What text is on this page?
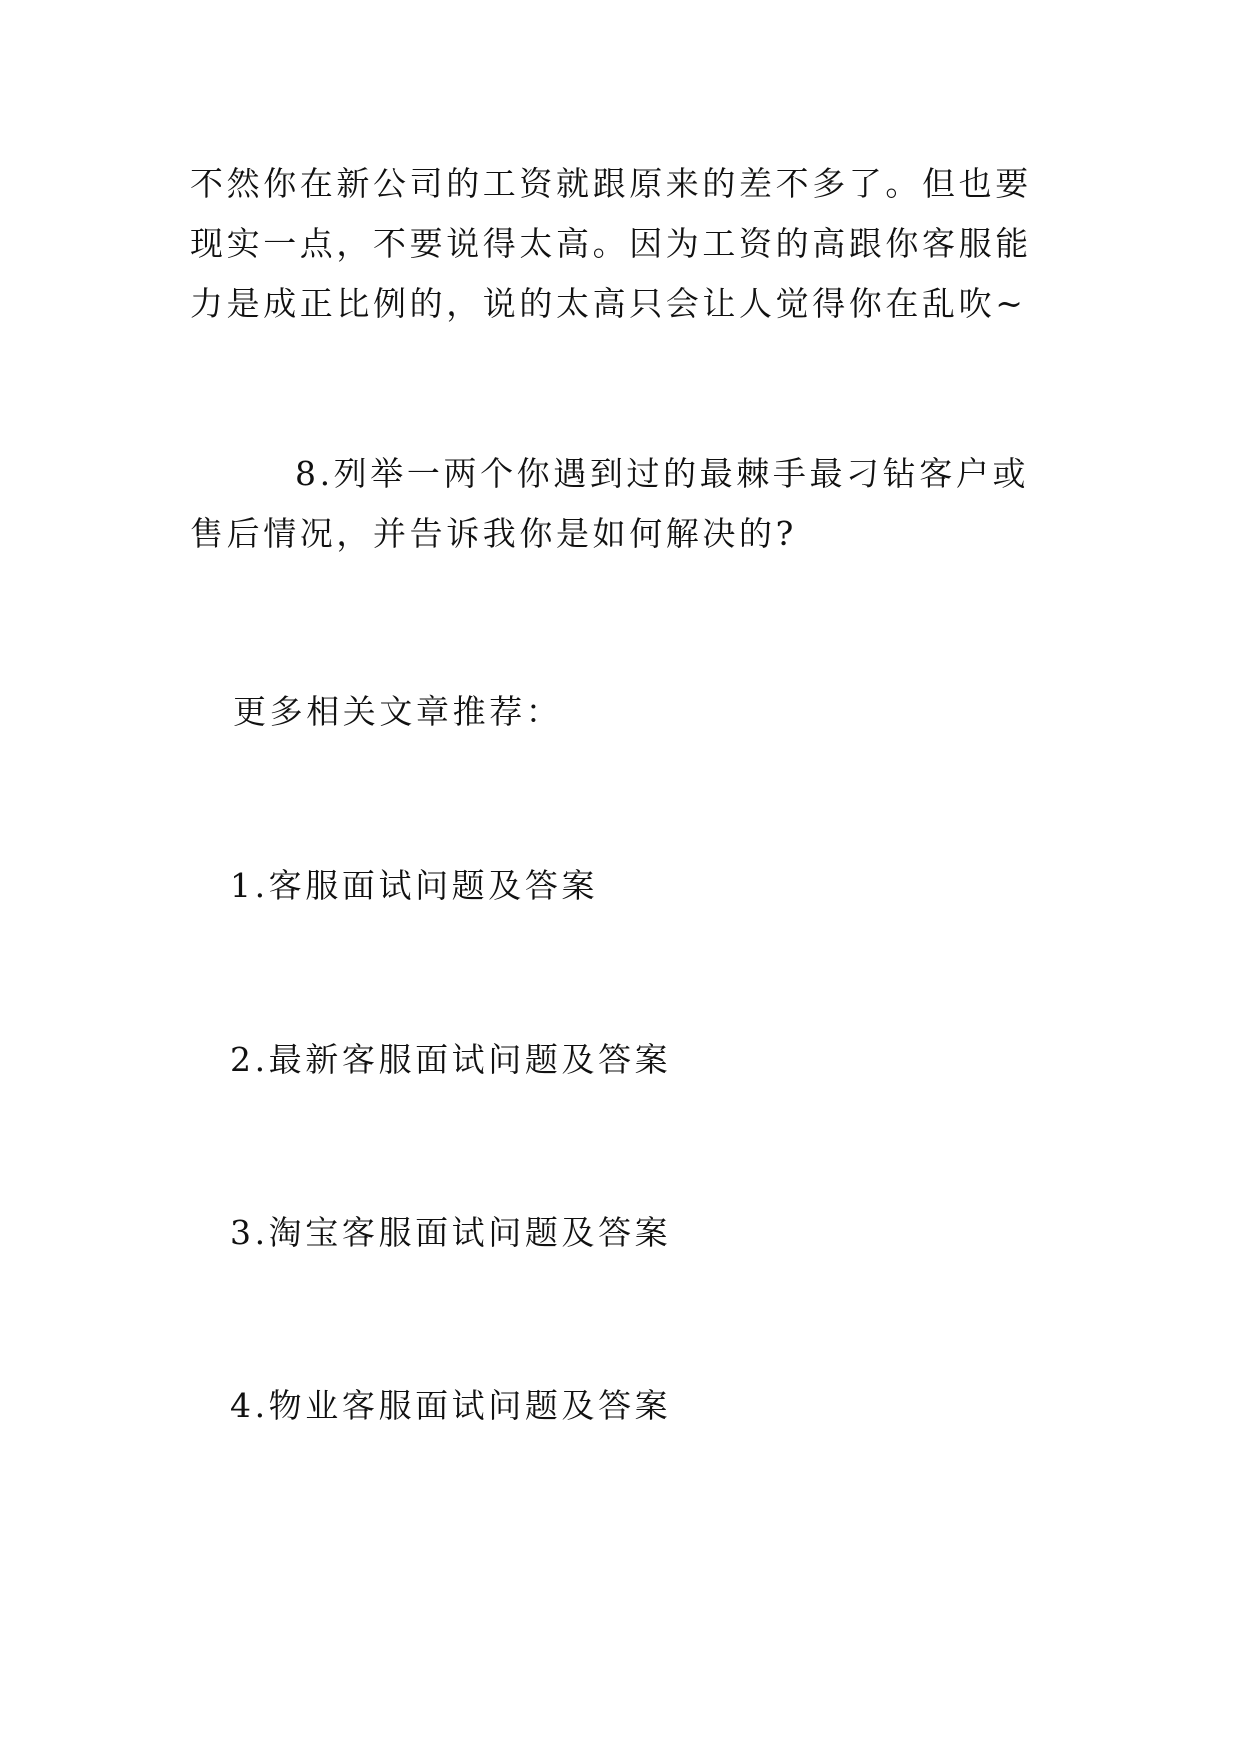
不然你在新公司的工资就跟原来的差不多了。但也要现实一点，不要说得太高。因为工资的高跟你客服能力是成正比例的，说的太高只会让人觉得你在乱吹~

8.列举一两个你遇到过的最棘手最刁钻客户或售后情况，并告诉我你是如何解决的?

更多相关文章推荐：
1.客服面试问题及答案
2.最新客服面试问题及答案
3.淘宝客服面试问题及答案
4.物业客服面试问题及答案
